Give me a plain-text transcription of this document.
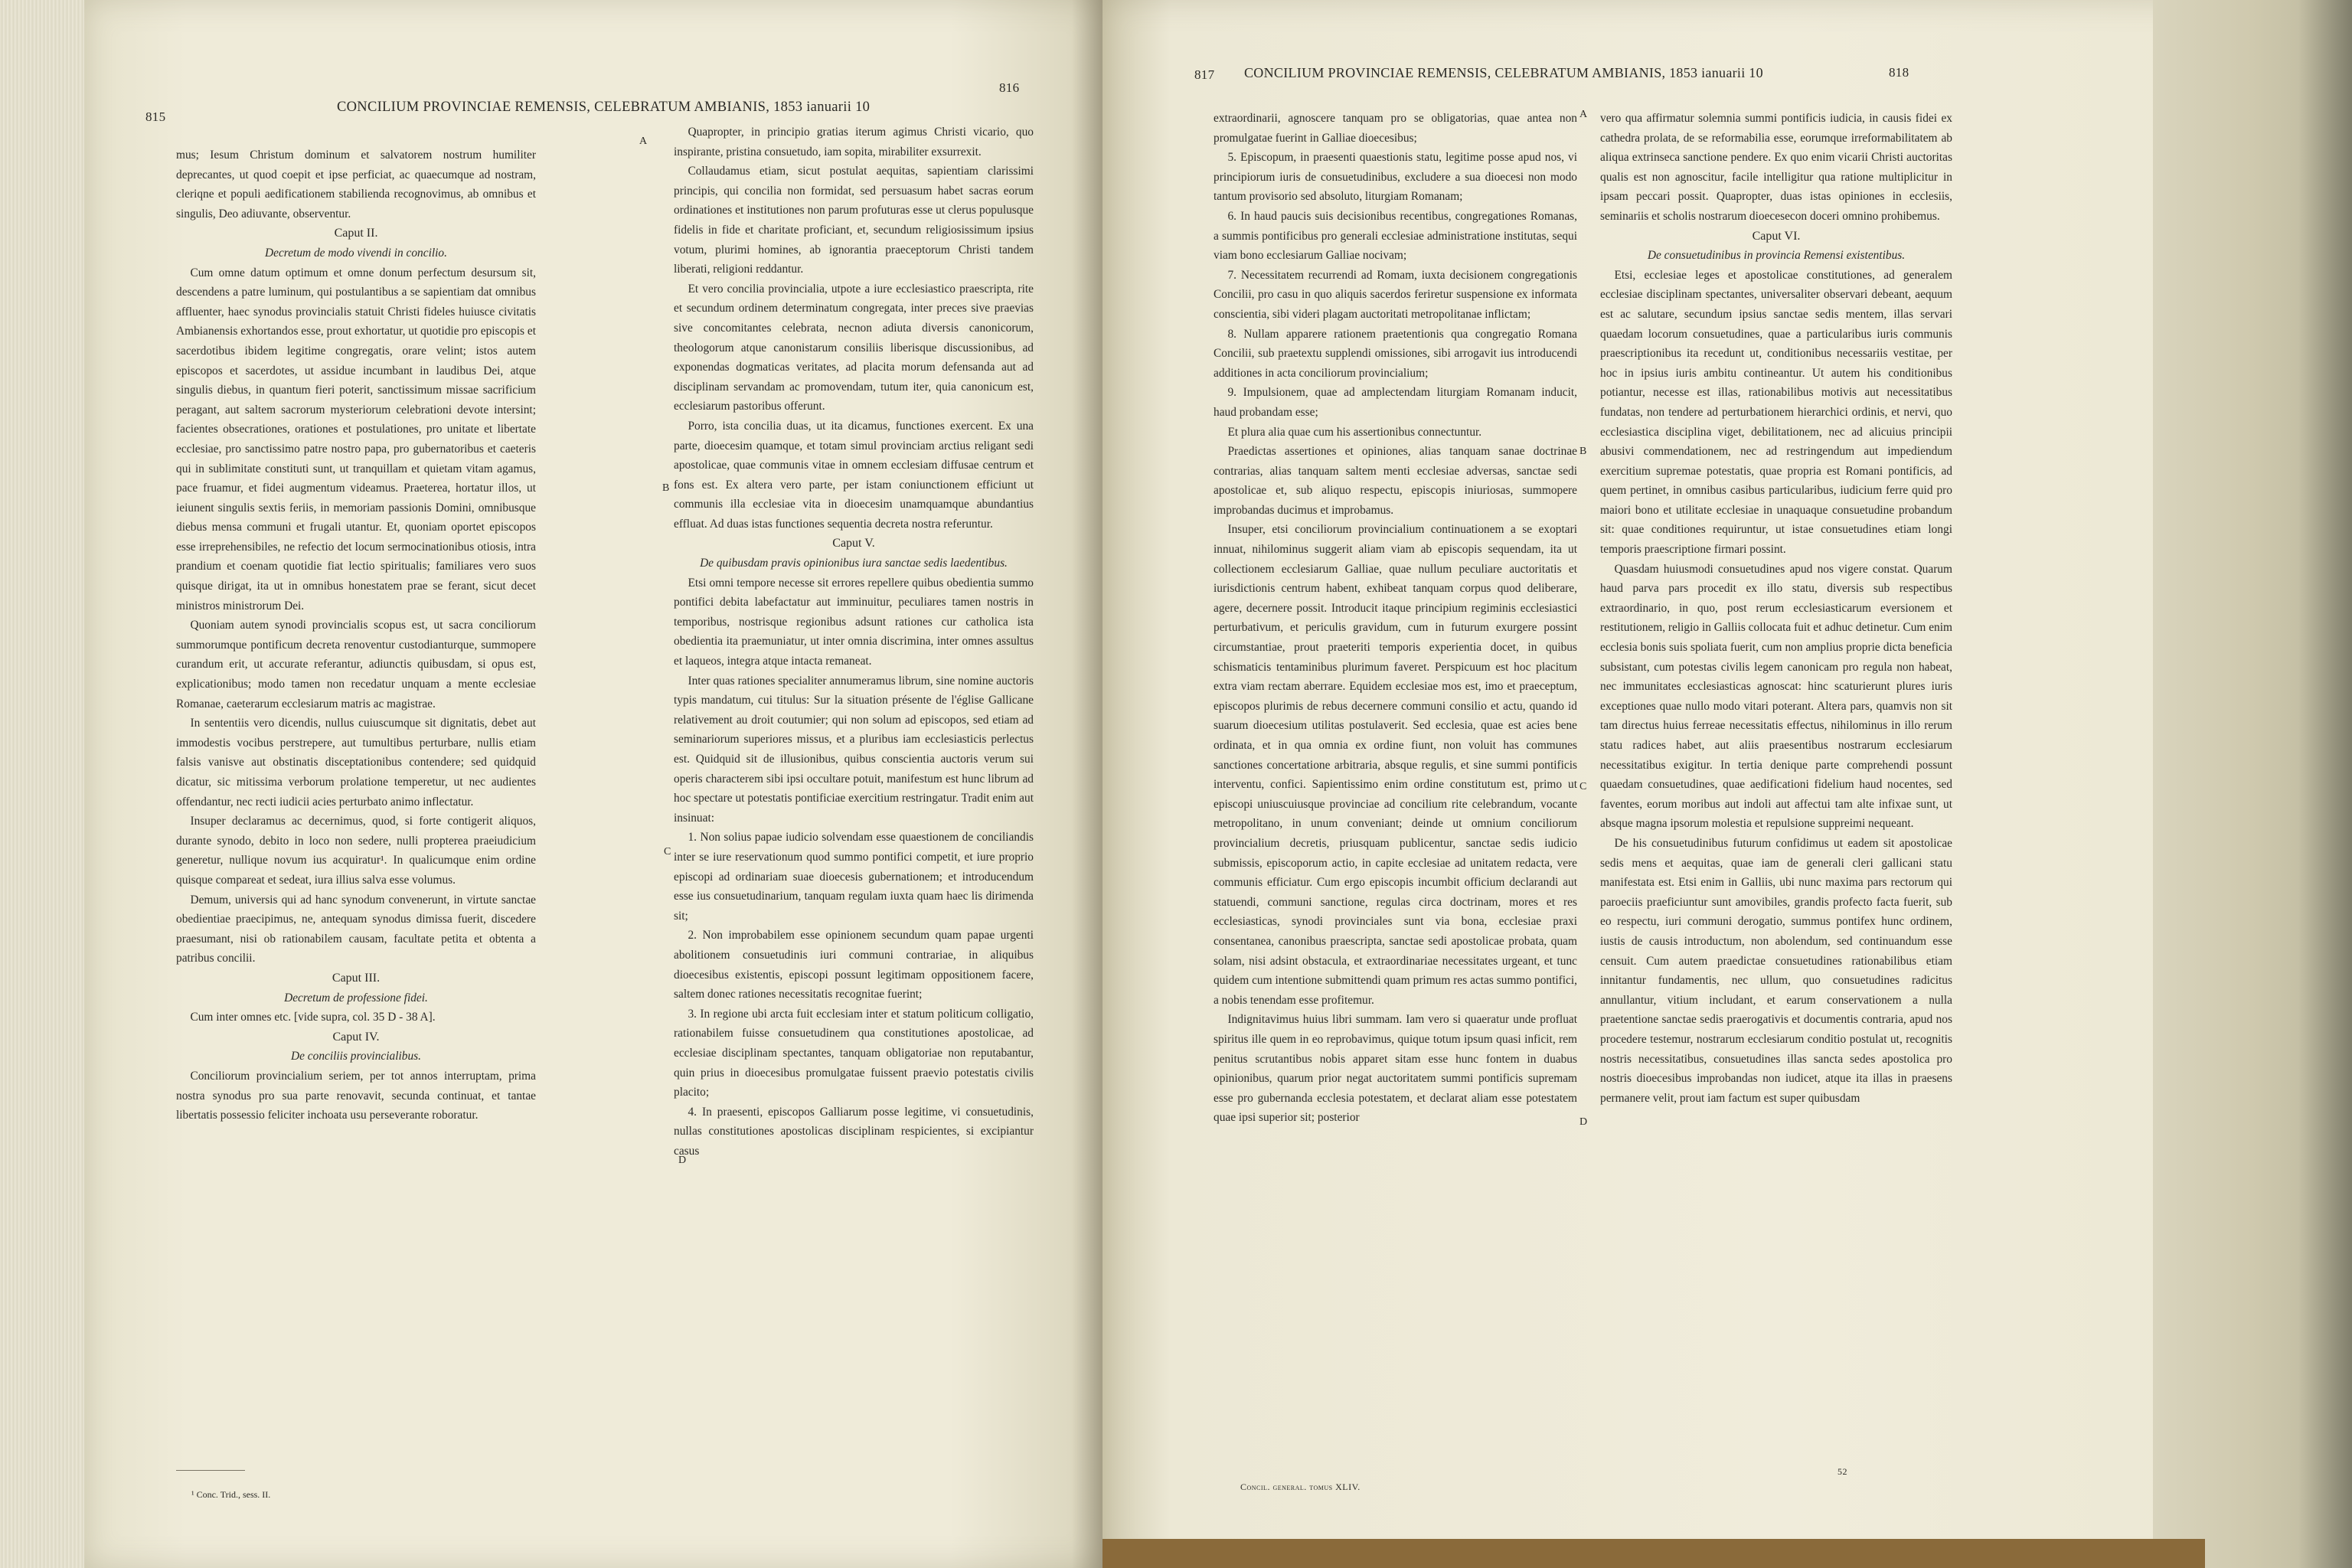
815
CONCILIUM PROVINCIAE REMENSIS, CELEBRATUM AMBIANIS, 1853 ianuarii 10
816

mus; Iesum Christum dominum et salvatorem nostrum humiliter deprecantes, ut quod coepit et ipse perficiat, ac quaecumque ad nostram, cleriqne et populi aedificationem stabilienda recognovimus, ab omnibus et singulis, Deo adiuvante, observentur.

Caput II.

Decretum de modo vivendi in concilio.

Cum omne datum optimum et omne donum perfectum desursum sit, descendens a patre luminum, qui postulantibus a se sapientiam dat omnibus affluenter, haec synodus provincialis statuit Christi fideles huiusce civitatis Ambianensis exhortandos esse, prout exhortatur, ut quotidie pro episcopis et sacerdotibus ibidem legitime congregatis, orare velint; istos autem episcopos et sacerdotes, ut assidue incumbant in laudibus Dei, atque singulis diebus, in quantum fieri poterit, sanctissimum missae sacrificium peragant, aut saltem sacrorum mysteriorum celebrationi devote intersint; facientes obsecrationes, orationes et postulationes, pro unitate et libertate ecclesiae, pro sanctissimo patre nostro papa, pro gubernatoribus et caeteris qui in sublimitate constituti sunt, ut tranquillam et quietam vitam agamus, pace fruamur, et fidei augmentum videamus. Praeterea, hortatur illos, ut ieiunent singulis sextis feriis, in memoriam passionis Domini, omnibusque diebus mensa communi et frugali utantur. Et, quoniam oportet episcopos esse irreprehensibiles, ne refectio det locum sermocinationibus otiosis, intra prandium et coenam quotidie fiat lectio spiritualis; familiares vero suos quisque dirigat, ita ut in omnibus honestatem prae se ferant, sicut decet ministros ministrorum Dei.

Quoniam autem synodi provincialis scopus est, ut sacra conciliorum summorumque pontificum decreta renoventur custodianturque, summopere curandum erit, ut accurate referantur, adiunctis quibusdam, si opus est, explicationibus; modo tamen non recedatur unquam a mente ecclesiae Romanae, caeterarum ecclesiarum matris ac magistrae.

In sententiis vero dicendis, nullus cuiuscumque sit dignitatis, debet aut immodestis vocibus perstrepere, aut tumultibus perturbare, nullis etiam falsis vanisve aut obstinatis disceptationibus contendere; sed quidquid dicatur, sic mitissima verborum prolatione temperetur, ut nec audientes offendantur, nec recti iudicii acies perturbato animo inflectatur.

Insuper declaramus ac decernimus, quod, si forte contigerit aliquos, durante synodo, debito in loco non sedere, nulli propterea praeiudicium generetur, nullique novum ius acquiratur¹. In qualicumque enim ordine quisque compareat et sedeat, iura illius salva esse volumus.

Demum, universis qui ad hanc synodum convenerunt, in virtute sanctae obedientiae praecipimus, ne, antequam synodus dimissa fuerit, discedere praesumant, nisi ob rationabilem causam, facultate petita et obtenta a patribus concilii.

Caput III.

Decretum de professione fidei.

Cum inter omnes etc. [vide supra, col. 35 D - 38 A].

Caput IV.

De conciliis provincialibus.

Conciliorum provincialium seriem, per tot annos interruptam, prima nostra synodus pro sua parte renovavit, secunda continuat, et tantae libertatis possessio feliciter inchoata usu perseverante roboratur.

Quapropter, in principio gratias iterum agimus Christi vicario, quo inspirante, pristina consuetudo, iam sopita, mirabiliter exsurrexit.

Collaudamus etiam, sicut postulat aequitas, sapientiam clarissimi principis, qui concilia non formidat, sed persuasum habet sacras eorum ordinationes et institutiones non parum profuturas esse ut clerus populusque fidelis in fide et charitate proficiant, et, secundum religiosissimum ipsius votum, plurimi homines, ab ignorantia praeceptorum Christi tandem liberati, religioni reddantur.

Et vero concilia provincialia, utpote a iure ecclesiastico praescripta, rite et secundum ordinem determinatum congregata, inter preces sive praevias sive concomitantes celebrata, necnon adiuta diversis canonicorum, theologorum atque canonistarum consiliis liberisque discussionibus, ad exponendas dogmaticas veritates, ad placita morum defensanda aut ad disciplinam servandam ac promovendam, tutum iter, quia canonicum est, ecclesiarum pastoribus offerunt.

Porro, ista concilia duas, ut ita dicamus, functiones exercent. Ex una parte, dioecesim quamque, et totam simul provinciam arctius religant sedi apostolicae, quae communis vitae in omnem ecclesiam diffusae centrum et fons est. Ex altera vero parte, per istam coniunctionem efficiunt ut communis illa ecclesiae vita in dioecesim unamquamque abundantius effluat. Ad duas istas functiones sequentia decreta nostra referuntur.

Caput V.

De quibusdam pravis opinionibus iura sanctae sedis laedentibus.

Etsi omni tempore necesse sit errores repellere quibus obedientia summo pontifici debita labefactatur aut imminuitur, peculiares tamen nostris in temporibus, nostrisque regionibus adsunt rationes cur catholica ista obedientia ita praemuniatur, ut inter omnia discrimina, inter omnes assultus et laqueos, integra atque intacta remaneat.

Inter quas rationes specialiter annumeramus librum, sine nomine auctoris typis mandatum, cui titulus: Sur la situation présente de l'église Gallicane relativement au droit coutumier; qui non solum ad episcopos, sed etiam ad seminariorum superiores missus, et a pluribus iam ecclesiasticis perlectus est. Quidquid sit de illusionibus, quibus conscientia auctoris verum sui operis characterem sibi ipsi occultare potuit, manifestum est hunc librum ad hoc spectare ut potestatis pontificiae exercitium restringatur. Tradit enim aut insinuat:

1. Non solius papae iudicio solvendam esse quaestionem de conciliandis inter se iure reservationum quod summo pontifici competit, et iure proprio episcopi ad ordinariam suae dioecesis gubernationem; et introducendum esse ius consuetudinarium, tanquam regulam iuxta quam haec lis dirimenda sit;

2. Non improbabilem esse opinionem secundum quam papae urgenti abolitionem consuetudinis iuri communi contrariae, in aliquibus dioecesibus existentis, episcopi possunt legitimam oppositionem facere, saltem donec rationes necessitatis recognitae fuerint;

3. In regione ubi arcta fuit ecclesiam inter et statum politicum colligatio, rationabilem fuisse consuetudinem qua constitutiones apostolicae, ad ecclesiae disciplinam spectantes, tanquam obligatoriae non reputabantur, quin prius in dioecesibus promulgatae fuissent praevio potestatis civilis placito;

4. In praesenti, episcopos Galliarum posse legitime, vi consuetudinis, nullas constitutiones apostolicas disciplinam respicientes, si excipiantur casus

A
B
C
D
¹ Conc. Trid., sess. II.
817 CONCILIUM PROVINCIAE REMENSIS, CELEBRATUM AMBIANIS, 1853 ianuarii 10	818

extraordinarii, agnoscere tanquam pro se obligatorias, quae antea non promulgatae fuerint in Galliae dioecesibus;

5. Episcopum, in praesenti quaestionis statu, legitime posse apud nos, vi principiorum iuris de consuetudinibus, excludere a sua dioecesi non modo tantum provisorio sed absoluto, liturgiam Romanam;

6. In haud paucis suis decisionibus recentibus, congregationes Romanas, a summis pontificibus pro generali ecclesiae administratione institutas, sequi viam bono ecclesiarum Galliae nocivam;

7. Necessitatem recurrendi ad Romam, iuxta decisionem congregationis Concilii, pro casu in quo aliquis sacerdos feriretur suspensione ex informata conscientia, sibi videri plagam auctoritati metropolitanae inflictam;

8. Nullam apparere rationem praetentionis qua congregatio Romana Concilii, sub praetextu supplendi omissiones, sibi arrogavit ius introducendi additiones in acta conciliorum provincialium;

9. Impulsionem, quae ad amplectendam liturgiam Romanam inducit, haud probandam esse;

Et plura alia quae cum his assertionibus connectuntur.

Praedictas assertiones et opiniones, alias tanquam sanae doctrinae contrarias, alias tanquam saltem menti ecclesiae adversas, sanctae sedi apostolicae et, sub aliquo respectu, episcopis iniuriosas, summopere improbandas ducimus et improbamus.

Insuper, etsi conciliorum provincialium continuationem a se exoptari innuat, nihilominus suggerit aliam viam ab episcopis sequendam, ita ut collectionem ecclesiarum Galliae, quae nullum peculiare auctoritatis et iurisdictionis centrum habent, exhibeat tanquam corpus quod deliberare, agere, decernere possit. Introducit itaque principium regiminis ecclesiastici perturbativum, et periculis gravidum, cum in futurum exurgere possint circumstantiae, prout praeteriti temporis experientia docet, in quibus schismaticis tentaminibus plurimum faveret. Perspicuum est hoc placitum extra viam rectam aberrare. Equidem ecclesiae mos est, imo et praeceptum, episcopos plurimis de rebus decernere communi consilio et actu, quando id suarum dioecesium utilitas postulaverit. Sed ecclesia, quae est acies bene ordinata, et in qua omnia ex ordine fiunt, non voluit has communes sanctiones concertatione arbitraria, absque regulis, et sine summi pontificis interventu, confici. Sapientissimo enim ordine constitutum est, primo ut episcopi uniuscuiusque provinciae ad concilium rite celebrandum, vocante metropolitano, in unum conveniant; deinde ut omnium conciliorum provincialium decretis, priusquam publicentur, sanctae sedis iudicio submissis, episcoporum actio, in capite ecclesiae ad unitatem redacta, vere communis efficiatur. Cum ergo episcopis incumbit officium declarandi aut statuendi, communi sanctione, regulas circa doctrinam, mores et res ecclesiasticas, synodi provinciales sunt via bona, ecclesiae praxi consentanea, canonibus praescripta, sanctae sedi apostolicae probata, quam solam, nisi adsint obstacula, et extraordinariae necessitates urgeant, et tunc quidem cum intentione submittendi quam primum res actas summo pontifici, a nobis tenendam esse profitemur.

Indignitavimus huius libri summam. Iam vero si quaeratur unde profluat spiritus ille quem in eo reprobavimus, quique totum ipsum quasi inficit, rem penitus scrutantibus nobis apparet sitam esse hunc fontem in duabus opinionibus, quarum prior negat auctoritatem summi pontificis supremam esse pro gubernanda ecclesia potestatem, et declarat aliam esse potestatem quae ipsi superior sit; posterior

vero qua affirmatur solemnia summi pontificis iudicia, in causis fidei ex cathedra prolata, de se reformabilia esse, eorumque irreformabilitatem ab aliqua extrinseca sanctione pendere. Ex quo enim vicarii Christi auctoritas qualis est non agnoscitur, facile intelligitur qua ratione multiplicitur in ipsam peccari possit. Quapropter, duas istas opiniones in ecclesiis, seminariis et scholis nostrarum dioecesecon doceri omnino prohibemus.

Caput VI.

De consuetudinibus in provincia Remensi existentibus.

Etsi, ecclesiae leges et apostolicae constitutiones, ad generalem ecclesiae disciplinam spectantes, universaliter observari debeant, aequum est ac salutare, secundum ipsius sanctae sedis mentem, illas servari quaedam locorum consuetudines, quae a particularibus iuris communis praescriptionibus ita recedunt ut, conditionibus necessariis vestitae, per hoc in ipsius iuris ambitu contineantur. Ut autem his conditionibus potiantur, necesse est illas, rationabilibus motivis aut necessitatibus fundatas, non tendere ad perturbationem hierarchici ordinis, et nervi, quo ecclesiastica disciplina viget, debilitationem, nec ad alicuius principii abusivi commendationem, nec ad restringendum aut impediendum exercitium supremae potestatis, quae propria est Romani pontificis, ad quem pertinet, in omnibus casibus particularibus, iudicium ferre quid pro maiori bono et utilitate ecclesiae in unaquaque consuetudine probandum sit: quae conditiones requiruntur, ut istae consuetudines etiam longi temporis praescriptione firmari possint.

Quasdam huiusmodi consuetudines apud nos vigere constat. Quarum haud parva pars procedit ex illo statu, diversis sub respectibus extraordinario, in quo, post rerum ecclesiasticarum eversionem et restitutionem, religio in Galliis collocata fuit et adhuc detinetur. Cum enim ecclesia bonis suis spoliata fuerit, cum non amplius proprie dicta beneficia subsistant, cum potestas civilis legem canonicam pro regula non habeat, nec immunitates ecclesiasticas agnoscat: hinc scaturierunt plures iuris exceptiones quae nullo modo vitari poterant. Altera pars, quamvis non sit tam directus huius ferreae necessitatis effectus, nihilominus in illo rerum statu radices habet, aut aliis praesentibus nostrarum ecclesiarum necessitatibus exigitur. In tertia denique parte comprehendi possunt quaedam consuetudines, quae aedificationi fidelium haud nocentes, sed faventes, eorum moribus aut indoli aut affectui tam alte infixae sunt, ut absque magna ipsorum molestia et repulsione suppreimi nequeant.

De his consuetudinibus futurum confidimus ut eadem sit apostolicae sedis mens et aequitas, quae iam de generali cleri gallicani statu manifestata est. Etsi enim in Galliis, ubi nunc maxima pars rectorum qui paroeciis praeficiuntur sunt amovibiles, grandis profecto facta fuerit, sub eo respectu, iuri communi derogatio, summus pontifex hunc ordinem, iustis de causis introductum, non abolendum, sed continuandum esse censuit. Cum autem praedictae consuetudines rationabilibus etiam innitantur fundamentis, nec ullum, quo consuetudines radicitus annullantur, vitium includant, et earum conservationem a nulla praetentione sanctae sedis praerogativis et documentis contraria, apud nos procedere testemur, nostrarum ecclesiarum conditio postulat ut, recognitis nostris necessitatibus, consuetudines illas sancta sedes apostolica pro nostris dioecesibus improbandas non iudicet, atque ita illas in praesens permanere velit, prout iam factum est super quibusdam

A
B
C
D
Concil. general. tomus XLIV.
52
